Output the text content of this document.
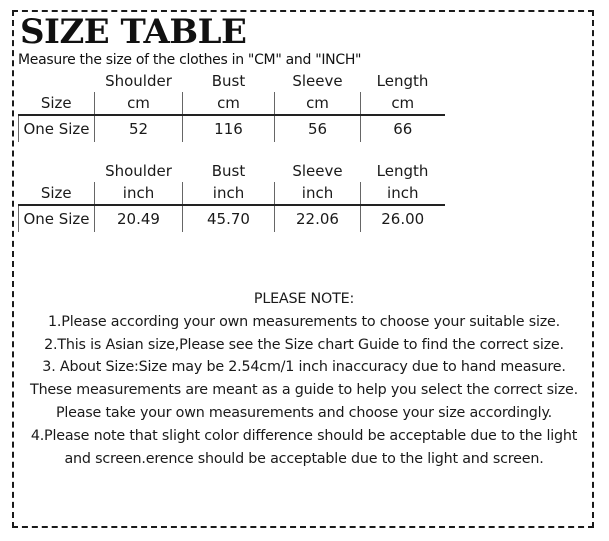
SIZE TABLE

Measure the size of the clothes in "CM" and "INCH"

	Shoulder	Bust	Sleeve	Length
Size	cm	cm	cm	cm
One Size	52	116	56	66
	Shoulder	Bust	Sleeve	Length
Size	inch	inch	inch	inch
One Size	20.49	45.70	22.06	26.00

PLEASE NOTE:

1.Please according your own measurements to choose your suitable size.

2.This is Asian size,Please see the Size chart Guide to find the correct size.

3. About Size:Size may be 2.54cm/1 inch inaccuracy due to hand measure.

These measurements are meant as a guide to help you select the correct size.

Please take your own measurements and choose your size accordingly.

4.Please note that slight color difference should be acceptable due to the light

and screen.erence should be acceptable due to the light and screen.
